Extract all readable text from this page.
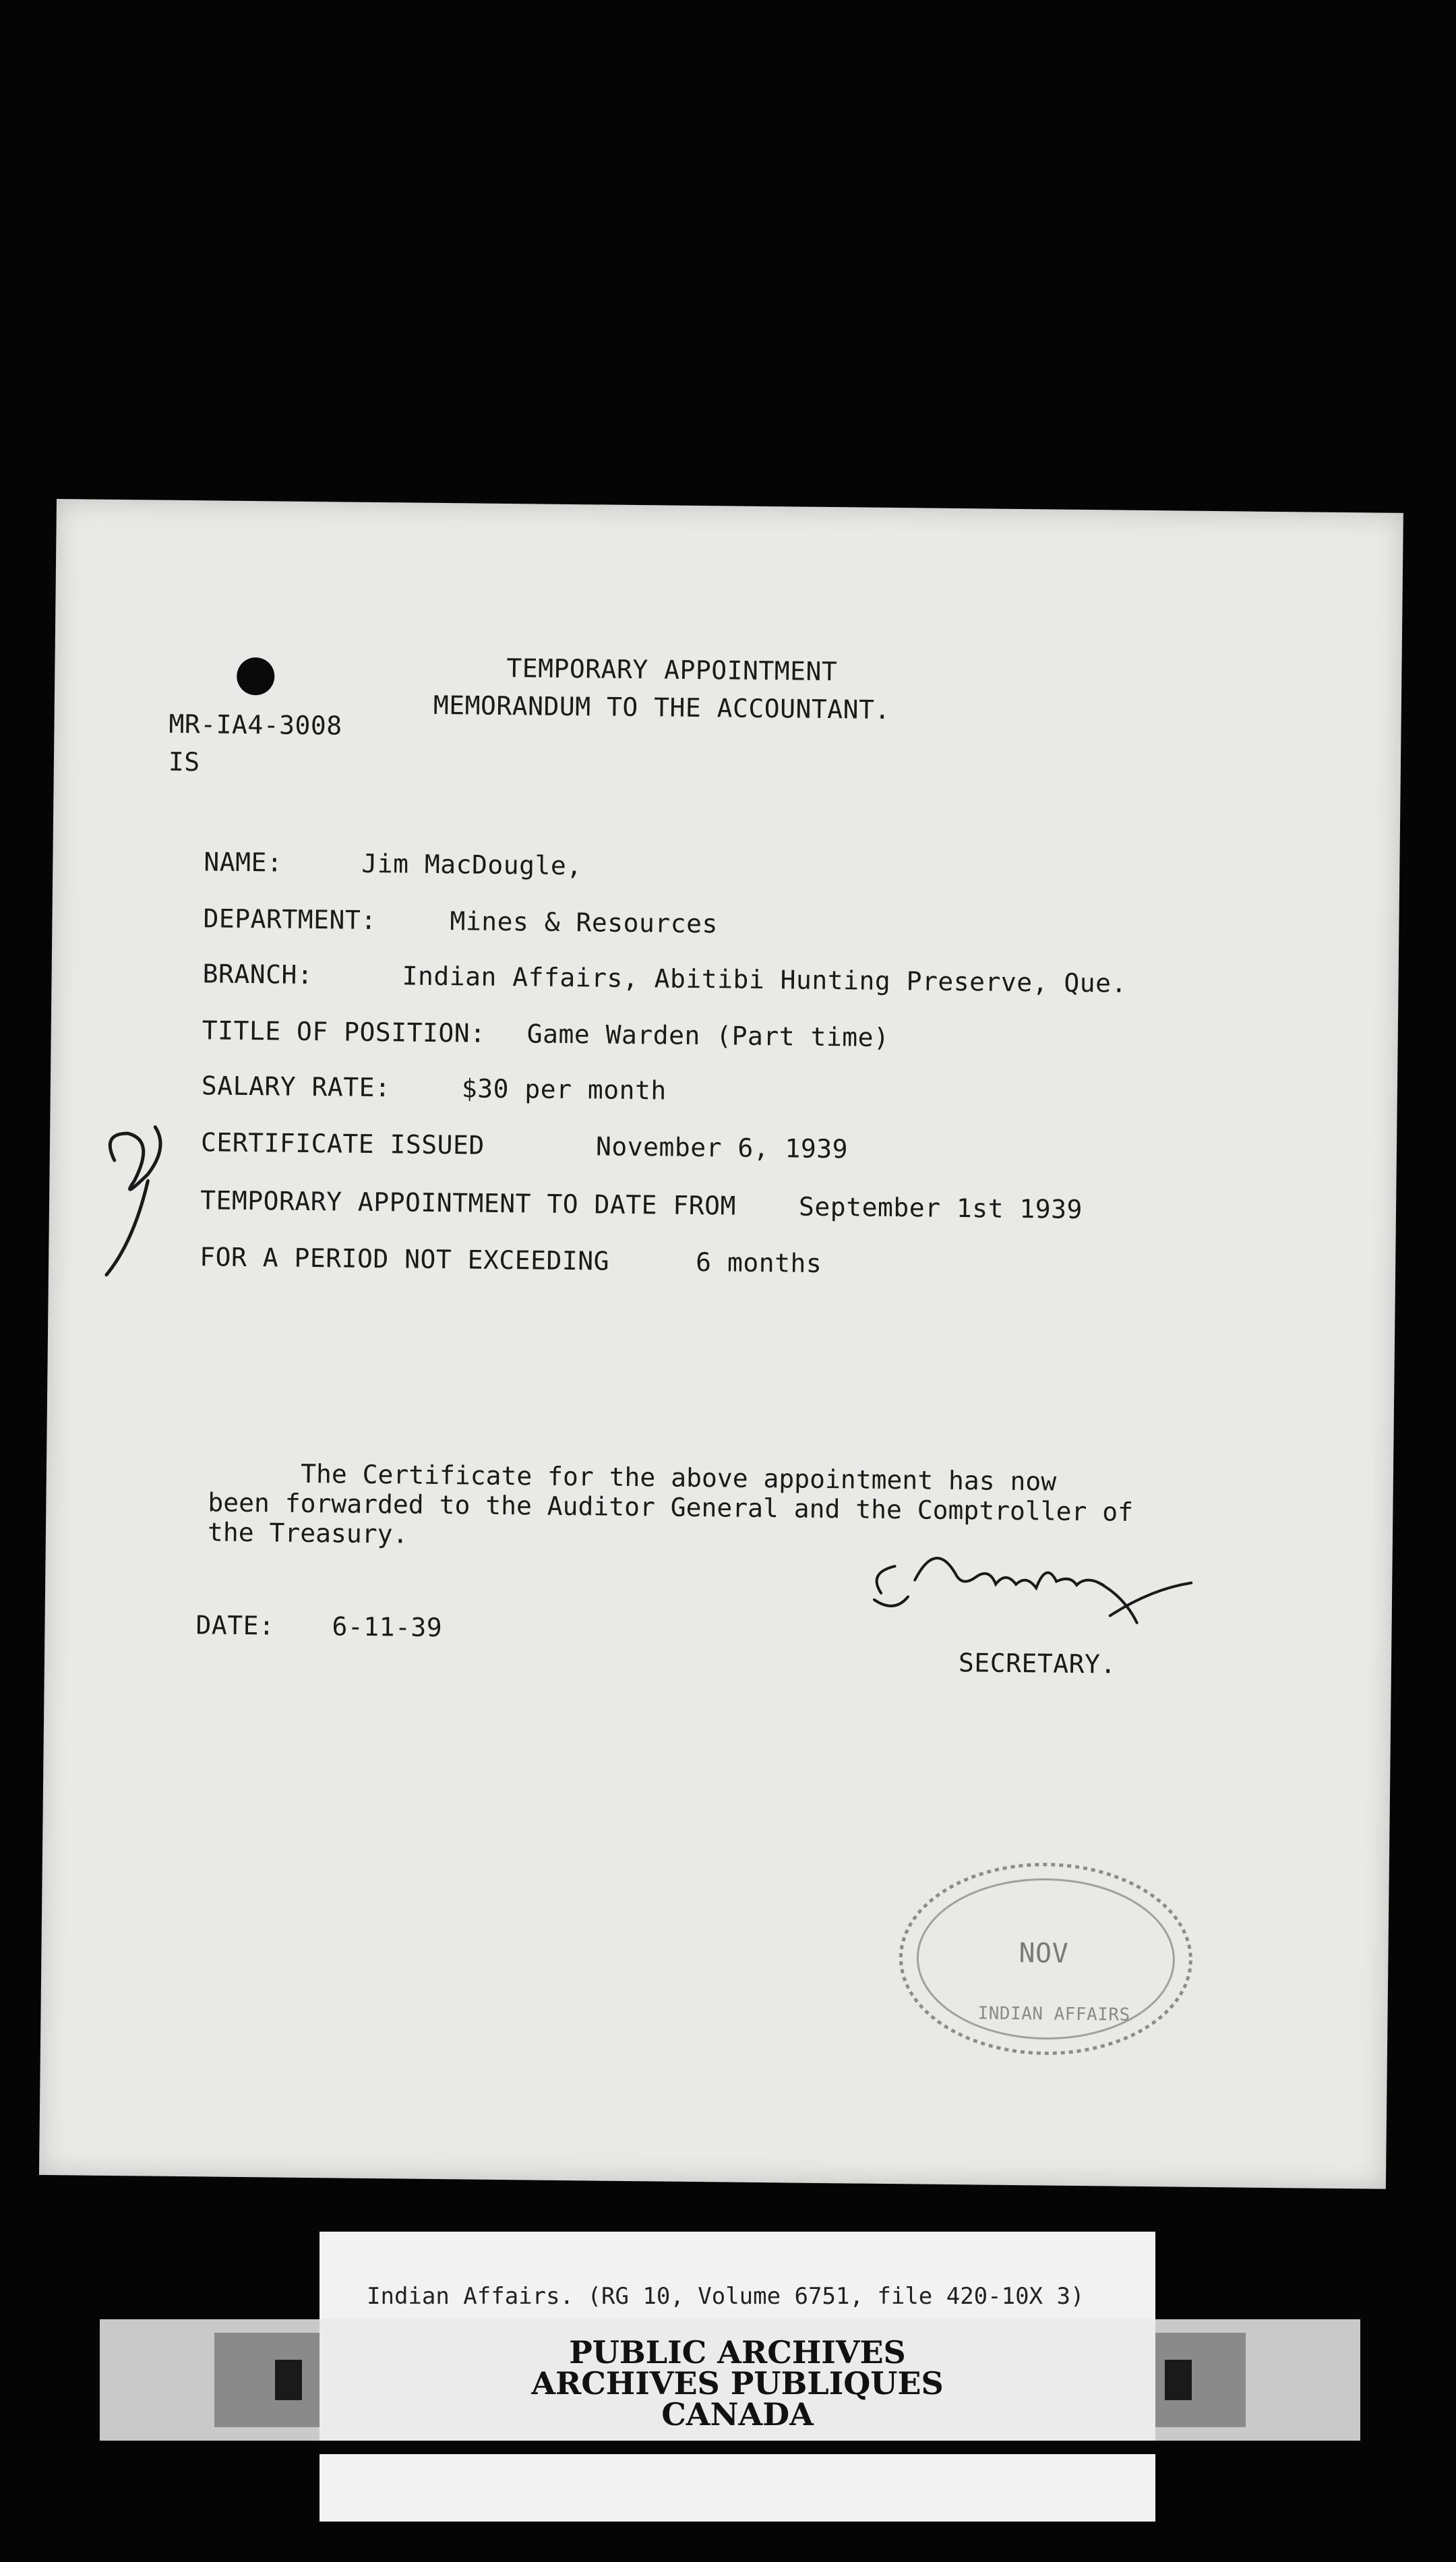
TEMPORARY APPOINTMENT
MEMORANDUM TO THE ACCOUNTANT.
MR-IA4-3008
IS
NAME:	Jim MacDougle,
DEPARTMENT:	Mines & Resources
BRANCH:	Indian Affairs, Abitibi Hunting Preserve, Que.
TITLE OF POSITION: Game Warden (Part time)
SALARY RATE:	$30 per month
CERTIFICATE ISSUED	November 6, 1939
TEMPORARY APPOINTMENT TO DATE FROM September 1st 1939
FOR A PERIOD NOT EXCEEDING	6 months
The Certificate for the above appointment has now
been forwarded to the Auditor General and the Comptroller of
the Treasury.
DATE: 6-11-39
SECRETARY.
NOV
INDIAN AFFAIRS
Indian Affairs. (RG 10, Volume 6751, file 420-10X 3)
PUBLIC ARCHIVES
ARCHIVES PUBLIQUES
CANADA
